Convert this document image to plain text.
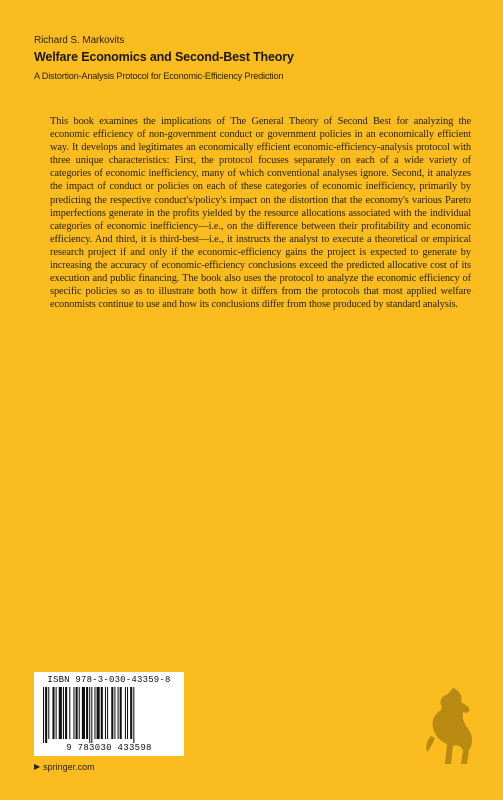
Richard S. Markovits
Welfare Economics and Second-Best Theory
A Distortion-Analysis Protocol for Economic-Efficiency Prediction
This book examines the implications of The General Theory of Second Best for analyzing the economic efficiency of non-government conduct or government policies in an economically efficient way. It develops and legitimates an economically efficient economic-efficiency-analysis protocol with three unique characteristics: First, the protocol focuses separately on each of a wide variety of categories of economic inefficiency, many of which conventional analyses ignore. Second, it analyzes the impact of conduct or policies on each of these categories of economic inefficiency, primarily by predicting the respective conduct's/policy's impact on the distortion that the economy's various Pareto imperfections generate in the profits yielded by the resource allocations associated with the individual categories of economic inefficiency—i.e., on the difference between their profitability and economic efficiency. And third, it is third-best—i.e., it instructs the analyst to execute a theoretical or empirical research project if and only if the economic-efficiency gains the project is expected to generate by increasing the accuracy of economic-efficiency conclusions exceed the predicted allocative cost of its execution and public financing. The book also uses the protocol to analyze the economic efficiency of specific policies so as to illustrate both how it differs from the protocols that most applied welfare economists continue to use and how its conclusions differ from those produced by standard analysis.
ISBN 978-3-030-43359-8
9 783030 433598
▶ springer.com
